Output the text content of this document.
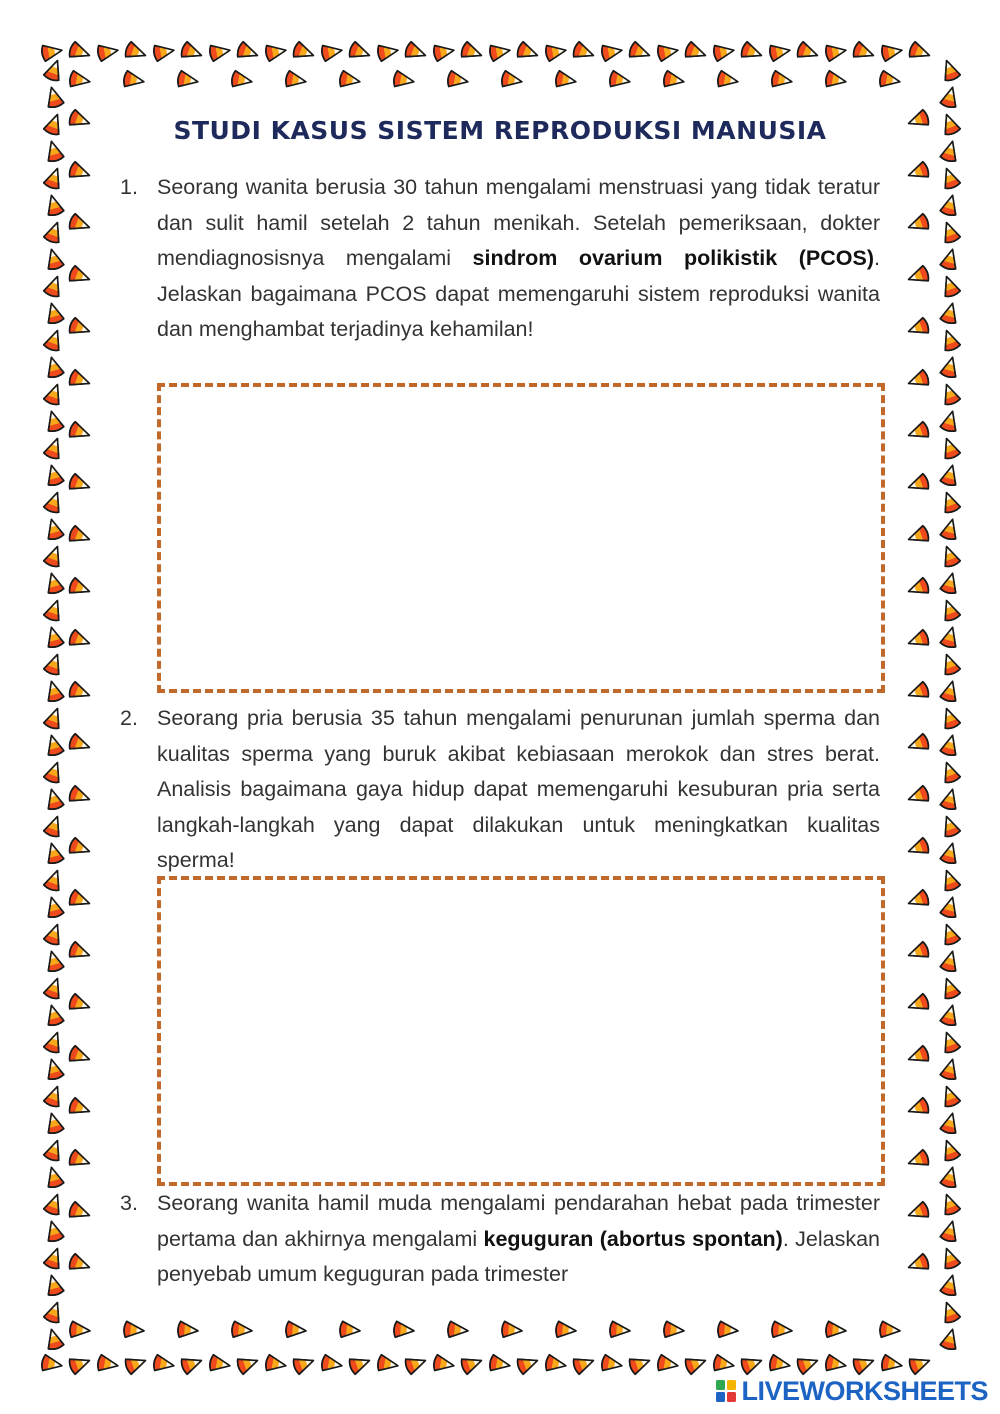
STUDI KASUS SISTEM REPRODUKSI MANUSIA
1. Seorang wanita berusia 30 tahun mengalami menstruasi yang tidak teratur dan sulit hamil setelah 2 tahun menikah. Setelah pemeriksaan, dokter mendiagnosisnya mengalami sindrom ovarium polikistik (PCOS). Jelaskan bagaimana PCOS dapat memengaruhi sistem reproduksi wanita dan menghambat terjadinya kehamilan!
2. Seorang pria berusia 35 tahun mengalami penurunan jumlah sperma dan kualitas sperma yang buruk akibat kebiasaan merokok dan stres berat. Analisis bagaimana gaya hidup dapat memengaruhi kesuburan pria serta langkah-langkah yang dapat dilakukan untuk meningkatkan kualitas sperma!
3. Seorang wanita hamil muda mengalami pendarahan hebat pada trimester pertama dan akhirnya mengalami keguguran (abortus spontan). Jelaskan penyebab umum keguguran pada trimester
LIVEWORKSHEETS
